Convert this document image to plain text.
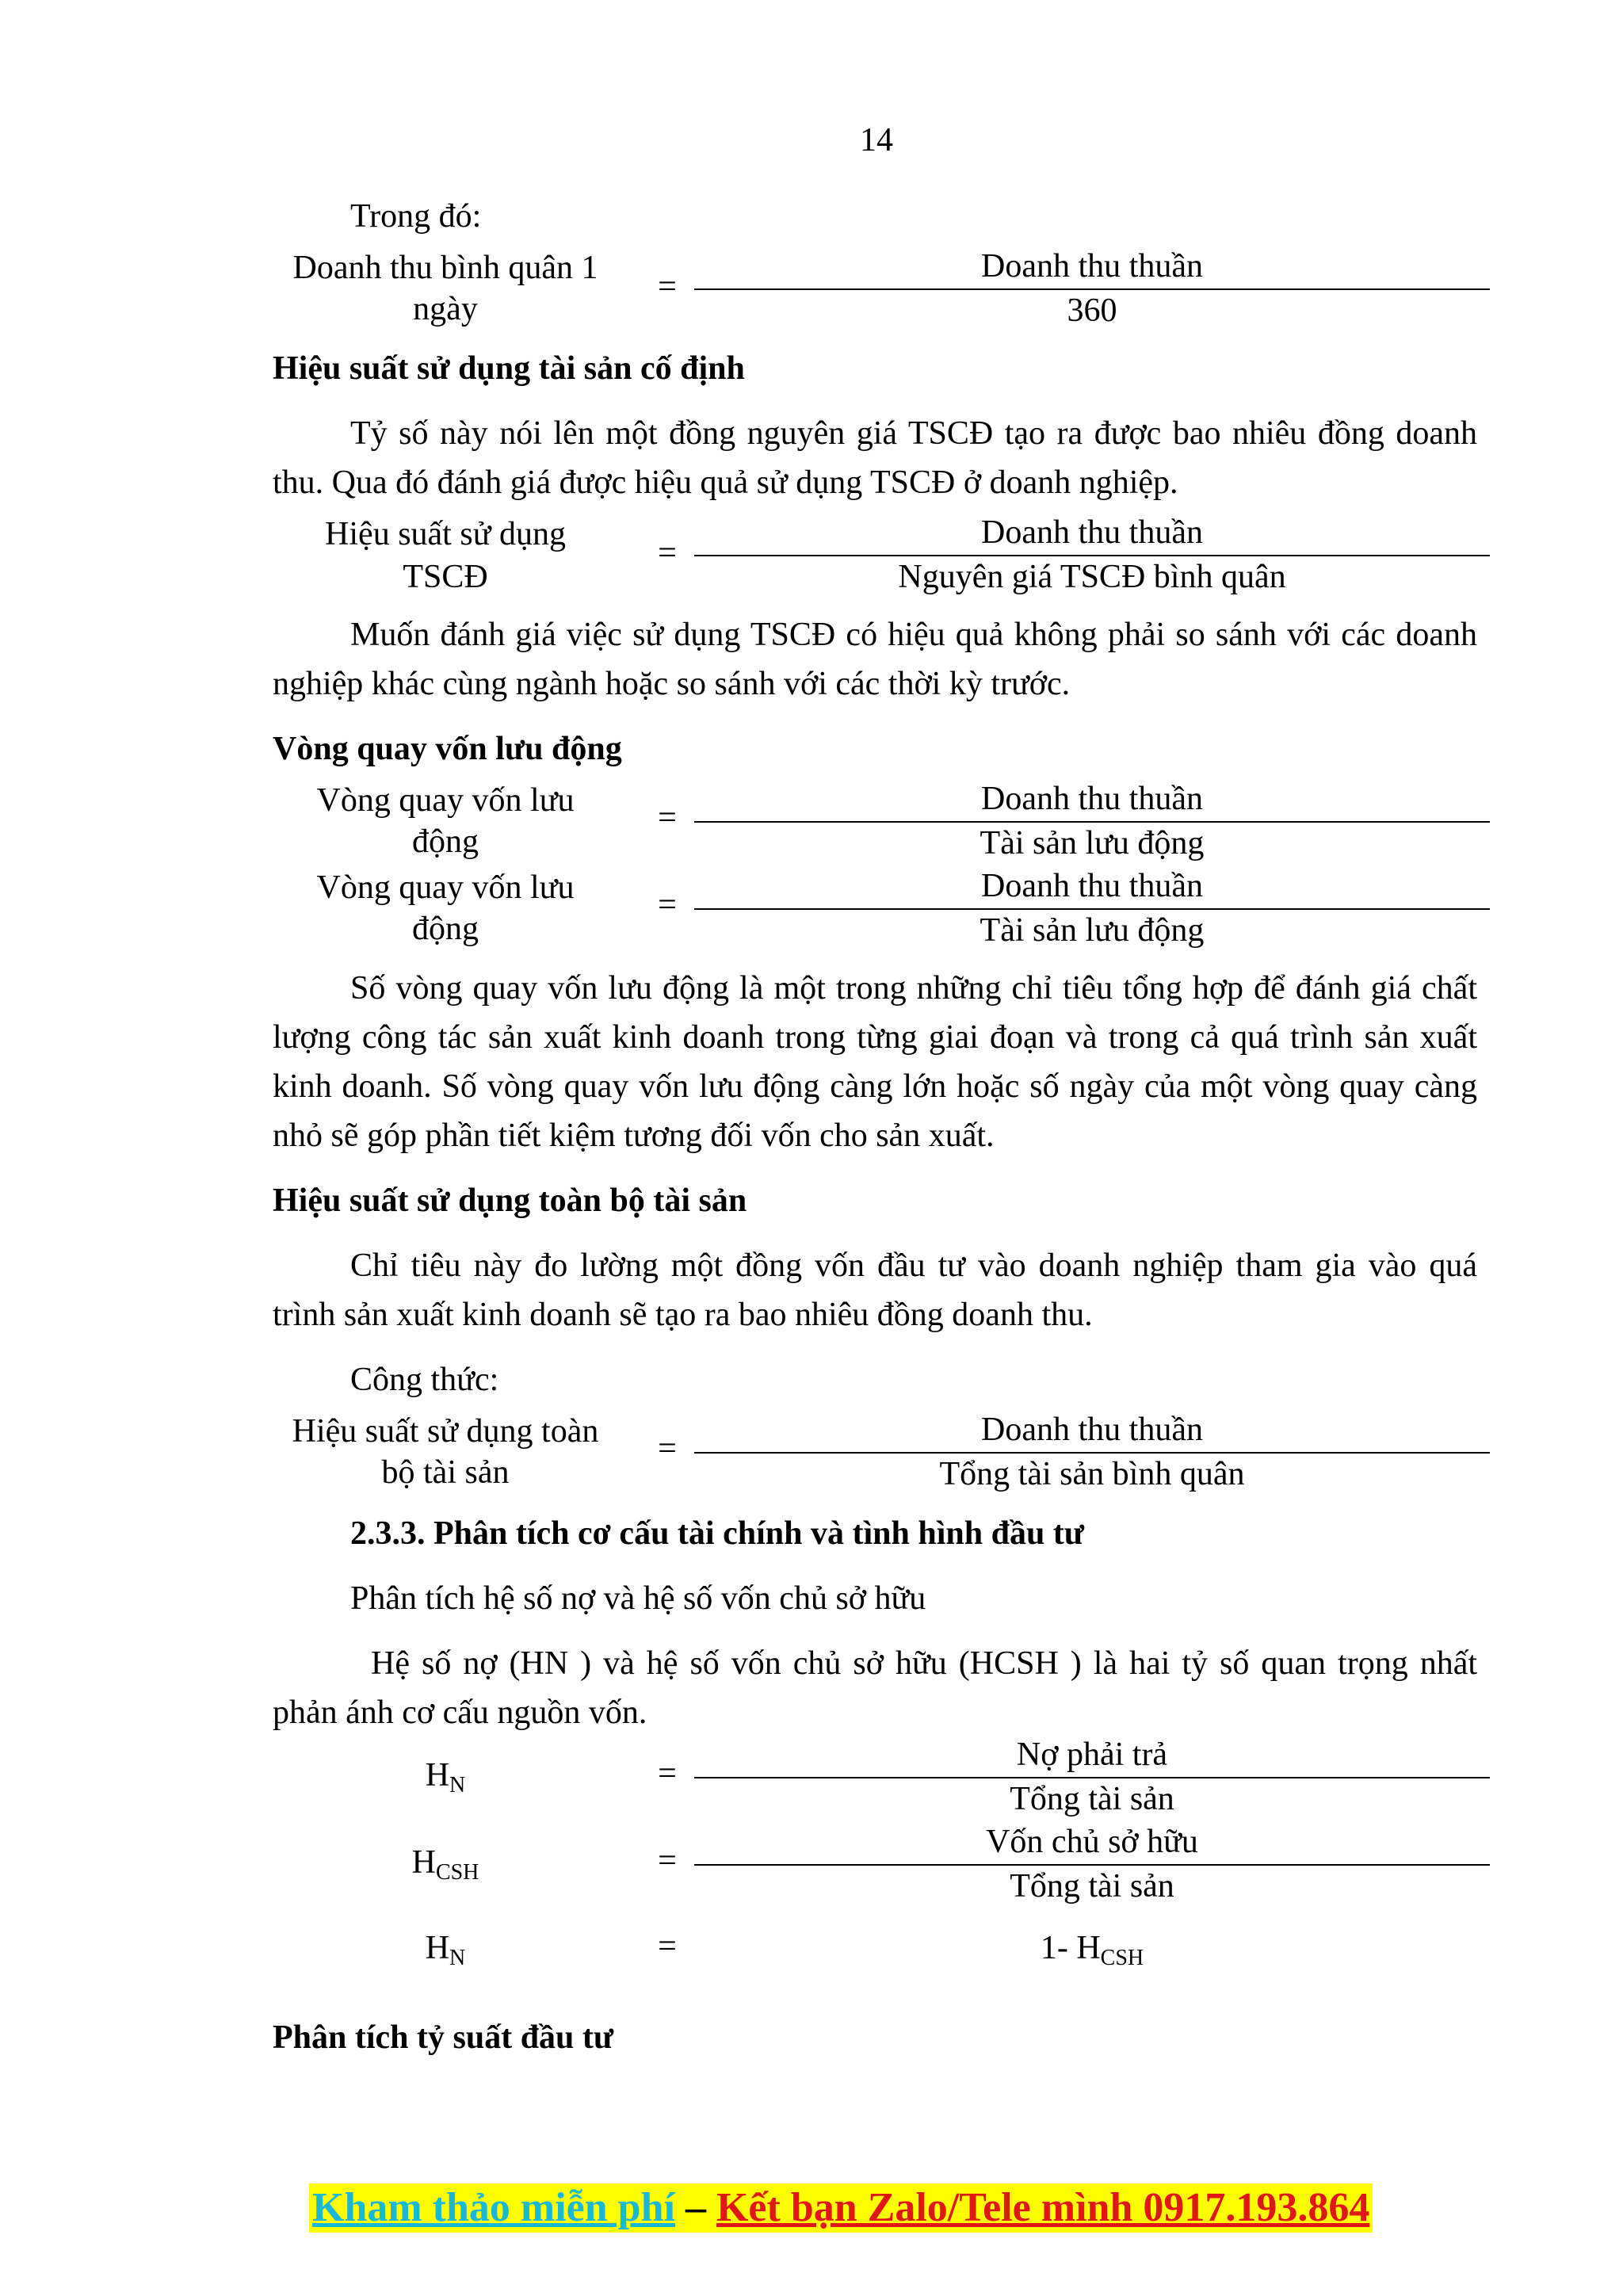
14
Trong đó:
Doanh thu bình quân 1
ngày
=
Doanh thu thuần
360
Hiệu suất sử dụng tài sản cố định
Tỷ số này nói lên một đồng nguyên giá TSCĐ tạo ra được bao nhiêu đồng doanh thu. Qua đó đánh giá được hiệu quả sử dụng TSCĐ ở doanh nghiệp.
Hiệu suất sử dụng
TSCĐ
=
Doanh thu thuần
Nguyên giá TSCĐ bình quân
Muốn đánh giá việc sử dụng TSCĐ có hiệu quả không phải so sánh với các doanh nghiệp khác cùng ngành hoặc so sánh với các thời kỳ trước.
Vòng quay vốn lưu động
Vòng quay vốn lưu
động
=
Doanh thu thuần
Tài sản lưu động
Vòng quay vốn lưu
động
=
Doanh thu thuần
Tài sản lưu động
Số vòng quay vốn lưu động là một trong những chỉ tiêu tổng hợp để đánh giá chất lượng công tác sản xuất kinh doanh trong từng giai đoạn và trong cả quá trình sản xuất kinh doanh. Số vòng quay vốn lưu động càng lớn hoặc số ngày của một vòng quay càng nhỏ sẽ góp phần tiết kiệm tương đối vốn cho sản xuất.
Hiệu suất sử dụng toàn bộ tài sản
Chỉ tiêu này đo lường một đồng vốn đầu tư vào doanh nghiệp tham gia vào quá trình sản xuất kinh doanh sẽ tạo ra bao nhiêu đồng doanh thu.
Công thức:
Hiệu suất sử dụng toàn
bộ tài sản
=
Doanh thu thuần
Tổng tài sản bình quân
2.3.3. Phân tích cơ cấu tài chính và tình hình đầu tư
Phân tích hệ số nợ và hệ số vốn chủ sở hữu
Hệ số nợ (HN ) và hệ số vốn chủ sở hữu (HCSH ) là hai tỷ số quan trọng nhất phản ánh cơ cấu nguồn vốn.
$H_N$	=
Nợ phải trả
Tổng tài sản
$H_{CSH}$	=
Vốn chủ sở hữu
Tổng tài sản
$H_N$	=	1- $H_{CSH}$
Phân tích tỷ suất đầu tư
Kham thảo miễn phí – Kết bạn Zalo/Tele mình 0917.193.864
